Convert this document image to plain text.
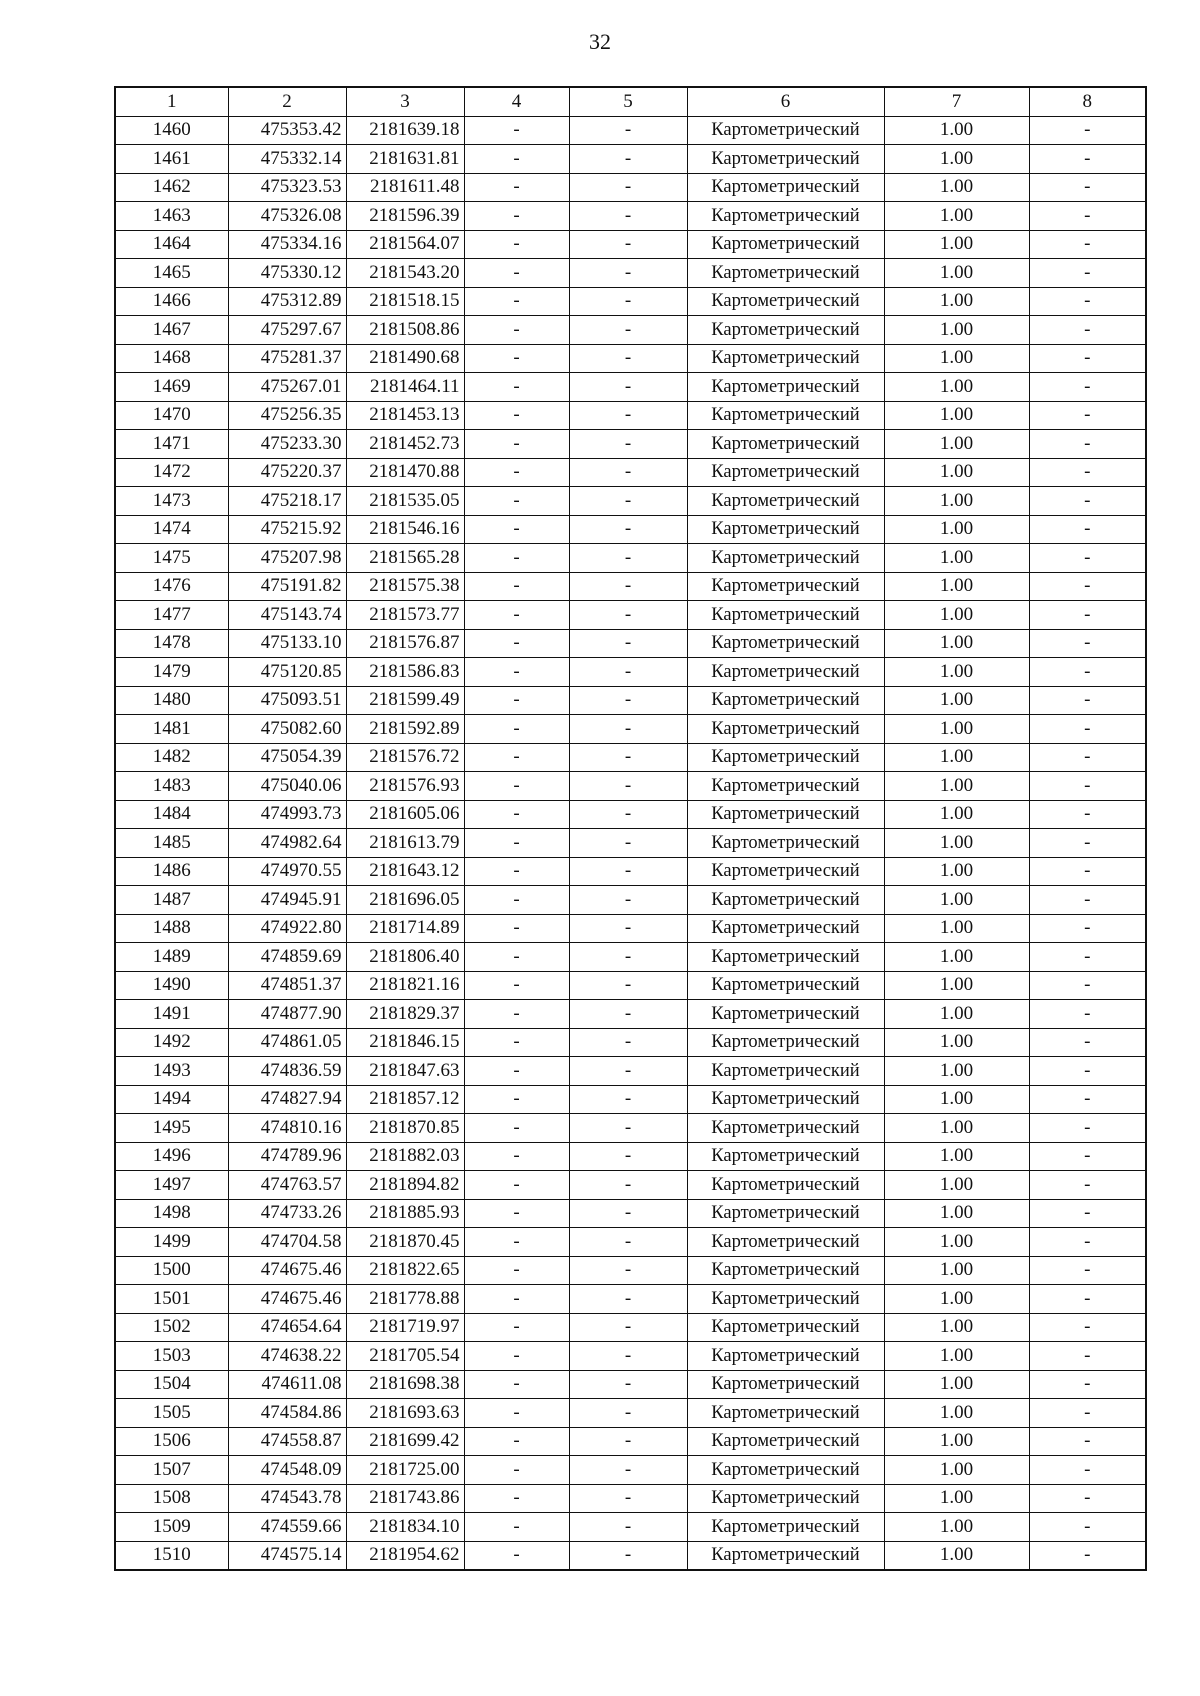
32
1	2	3	4	5	6	7	8
1460	475353.42	2181639.18	-	-	Картометрический	1.00	-
1461	475332.14	2181631.81	-	-	Картометрический	1.00	-
1462	475323.53	2181611.48	-	-	Картометрический	1.00	-
1463	475326.08	2181596.39	-	-	Картометрический	1.00	-
1464	475334.16	2181564.07	-	-	Картометрический	1.00	-
1465	475330.12	2181543.20	-	-	Картометрический	1.00	-
1466	475312.89	2181518.15	-	-	Картометрический	1.00	-
1467	475297.67	2181508.86	-	-	Картометрический	1.00	-
1468	475281.37	2181490.68	-	-	Картометрический	1.00	-
1469	475267.01	2181464.11	-	-	Картометрический	1.00	-
1470	475256.35	2181453.13	-	-	Картометрический	1.00	-
1471	475233.30	2181452.73	-	-	Картометрический	1.00	-
1472	475220.37	2181470.88	-	-	Картометрический	1.00	-
1473	475218.17	2181535.05	-	-	Картометрический	1.00	-
1474	475215.92	2181546.16	-	-	Картометрический	1.00	-
1475	475207.98	2181565.28	-	-	Картометрический	1.00	-
1476	475191.82	2181575.38	-	-	Картометрический	1.00	-
1477	475143.74	2181573.77	-	-	Картометрический	1.00	-
1478	475133.10	2181576.87	-	-	Картометрический	1.00	-
1479	475120.85	2181586.83	-	-	Картометрический	1.00	-
1480	475093.51	2181599.49	-	-	Картометрический	1.00	-
1481	475082.60	2181592.89	-	-	Картометрический	1.00	-
1482	475054.39	2181576.72	-	-	Картометрический	1.00	-
1483	475040.06	2181576.93	-	-	Картометрический	1.00	-
1484	474993.73	2181605.06	-	-	Картометрический	1.00	-
1485	474982.64	2181613.79	-	-	Картометрический	1.00	-
1486	474970.55	2181643.12	-	-	Картометрический	1.00	-
1487	474945.91	2181696.05	-	-	Картометрический	1.00	-
1488	474922.80	2181714.89	-	-	Картометрический	1.00	-
1489	474859.69	2181806.40	-	-	Картометрический	1.00	-
1490	474851.37	2181821.16	-	-	Картометрический	1.00	-
1491	474877.90	2181829.37	-	-	Картометрический	1.00	-
1492	474861.05	2181846.15	-	-	Картометрический	1.00	-
1493	474836.59	2181847.63	-	-	Картометрический	1.00	-
1494	474827.94	2181857.12	-	-	Картометрический	1.00	-
1495	474810.16	2181870.85	-	-	Картометрический	1.00	-
1496	474789.96	2181882.03	-	-	Картометрический	1.00	-
1497	474763.57	2181894.82	-	-	Картометрический	1.00	-
1498	474733.26	2181885.93	-	-	Картометрический	1.00	-
1499	474704.58	2181870.45	-	-	Картометрический	1.00	-
1500	474675.46	2181822.65	-	-	Картометрический	1.00	-
1501	474675.46	2181778.88	-	-	Картометрический	1.00	-
1502	474654.64	2181719.97	-	-	Картометрический	1.00	-
1503	474638.22	2181705.54	-	-	Картометрический	1.00	-
1504	474611.08	2181698.38	-	-	Картометрический	1.00	-
1505	474584.86	2181693.63	-	-	Картометрический	1.00	-
1506	474558.87	2181699.42	-	-	Картометрический	1.00	-
1507	474548.09	2181725.00	-	-	Картометрический	1.00	-
1508	474543.78	2181743.86	-	-	Картометрический	1.00	-
1509	474559.66	2181834.10	-	-	Картометрический	1.00	-
1510	474575.14	2181954.62	-	-	Картометрический	1.00	-
